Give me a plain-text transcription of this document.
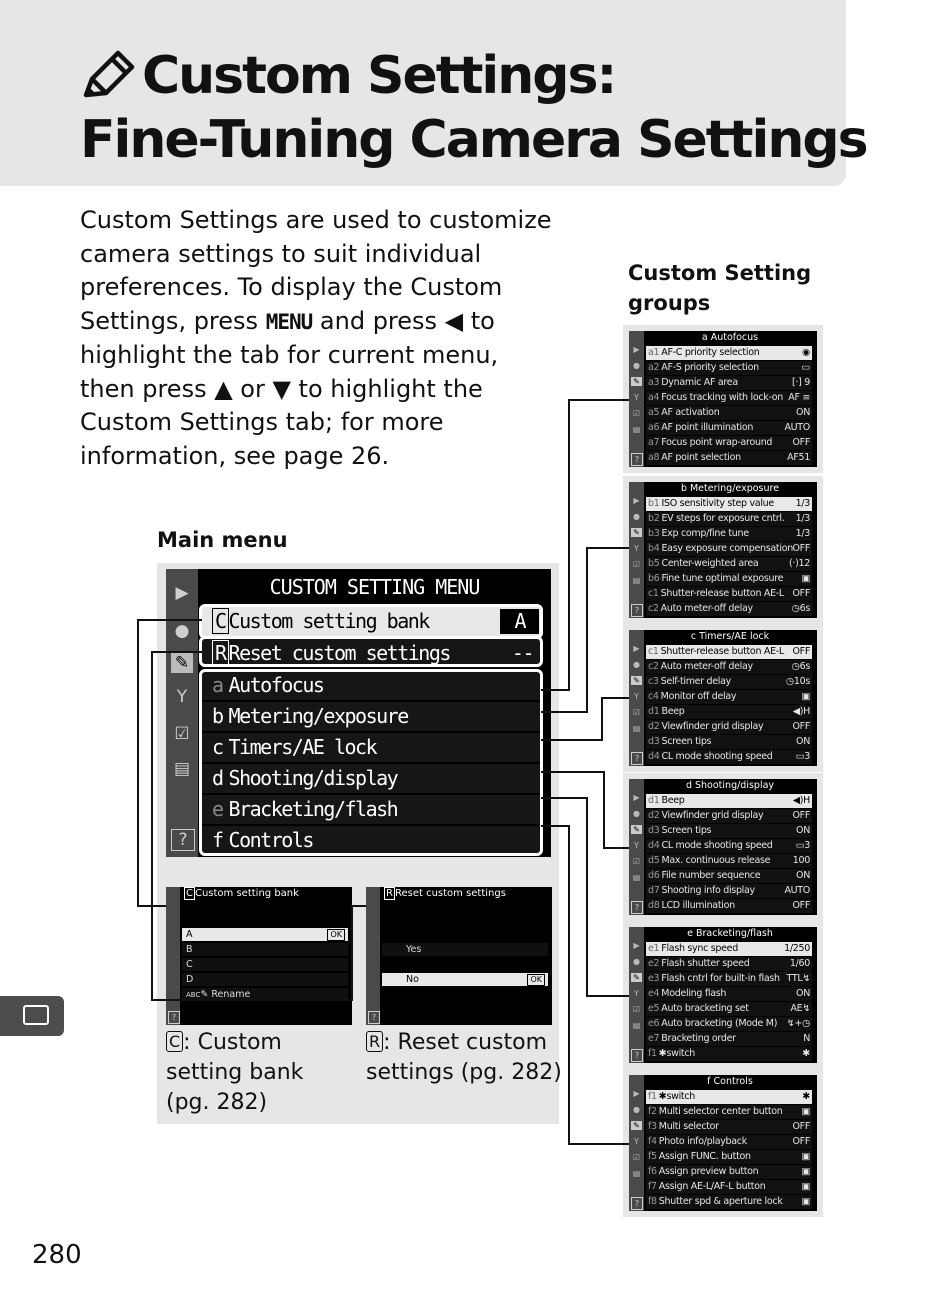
Custom Settings:
Fine-Tuning Camera Settings

Custom Settings are used to customize camera settings to suit individual preferences. To display the Custom Settings, press MENU and press ◀ to highlight the tab for current menu, then press ▲ or ▼ to highlight the Custom Settings tab; for more information, see page 26.

Main menu

Custom Setting
groups

▶
●
✎
Y
☑
▤
?
CUSTOM SETTING MENU
C Custom setting bank	A
R Reset custom settings	--
a Autofocus
b Metering/exposure
c Timers/AE lock
d Shooting/display
e Bracketing/flash
f Controls
C Custom setting bank
A	OK
B
C
D
ABC✎ Rename
?
R Reset custom settings
Yes
No	OK
?

C : Custom
setting bank
(pg. 282)

R : Reset custom
settings (pg. 282)

▶
●
✎
Y
☑
▤
?
a Autofocus
a1 AF-C priority selection	◉
a2 AF-S priority selection	▭
a3 Dynamic AF area	[·] 9
a4 Focus tracking with lock-on AF ≡
a5 AF activation	ON
a6 AF point illumination	AUTO
a7 Focus point wrap-around OFF
a8 AF point selection	AF51
▶
●
✎
Y
☑
▤
?
b Metering/exposure
b1 ISO sensitivity step value 1/3
b2 EV steps for exposure cntrl. 1/3
b3 Exp comp/fine tune	1/3
b4 Easy exposure compensation OFF
b5 Center-weighted area	(·)12
b6 Fine tune optimal exposure ▣
c1 Shutter-release button AE-L OFF
c2 Auto meter-off delay	◷6s
▶
●
✎
Y
☑
▤
?
c Timers/AE lock
c1 Shutter-release button AE-L OFF
c2 Auto meter-off delay	◷6s
c3 Self-timer delay	◷10s
c4 Monitor off delay	▣
d1 Beep	◀)H
d2 Viewfinder grid display	OFF
d3 Screen tips	ON
d4 CL mode shooting speed ▭3
▶
●
✎
Y
☑
▤
?
d Shooting/display
d1 Beep	◀)H
d2 Viewfinder grid display	OFF
d3 Screen tips	ON
d4 CL mode shooting speed ▭3
d5 Max. continuous release 100
d6 File number sequence	ON
d7 Shooting info display	AUTO
d8 LCD illumination	OFF
▶
●
✎
Y
☑
▤
?
e Bracketing/flash
e1 Flash sync speed	1/250
e2 Flash shutter speed	1/60
e3 Flash cntrl for built-in flash TTL↯
e4 Modeling flash	ON
e5 Auto bracketing set	AE↯
e6 Auto bracketing (Mode M) ↯+◷
e7 Bracketing order	N
f1 ✱switch	✱
▶
●
✎
Y
☑
▤
?
f Controls
f1 ✱switch	✱
f2 Multi selector center button ▣
f3 Multi selector	OFF
f4 Photo info/playback	OFF
f5 Assign FUNC. button	▣
f6 Assign preview button	▣
f7 Assign AE-L/AF-L button	▣
f8 Shutter spd & aperture lock ▣

280
